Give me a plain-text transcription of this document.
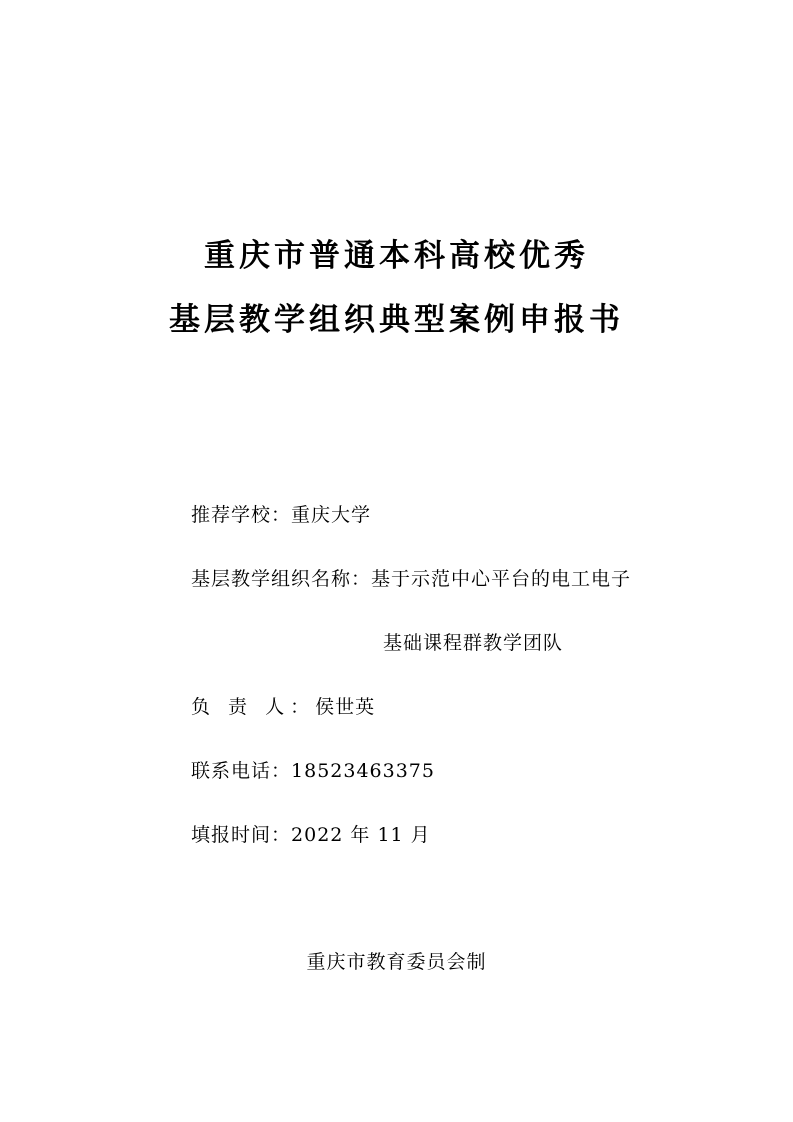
重庆市普通本科高校优秀
基层教学组织典型案例申报书
推荐学校：重庆大学
基层教学组织名称：基于示范中心平台的电工电子
基础课程群教学团队
负 责 人：侯世英
联系电话：18523463375
填报时间：2022 年 11 月
重庆市教育委员会制
